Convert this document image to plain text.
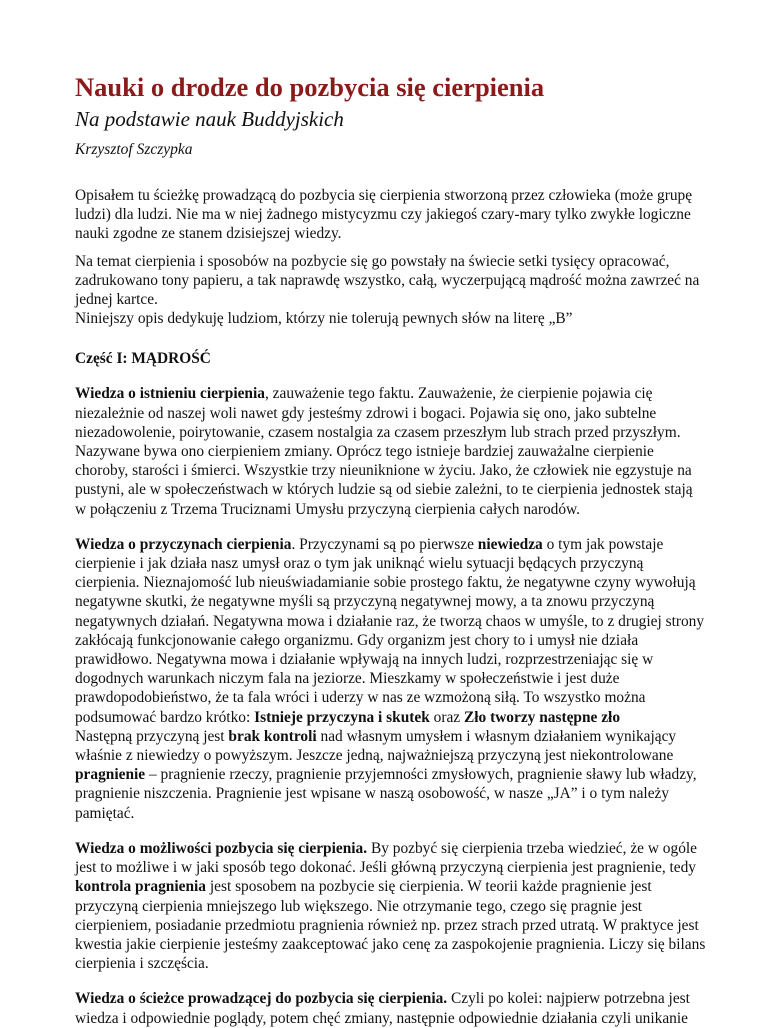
Nauki o drodze do pozbycia się cierpienia
Na podstawie nauk Buddyjskich
Krzysztof Szczypka

Opisałem tu ścieżkę prowadzącą do pozbycia się cierpienia stworzoną przez człowieka (może grupę ludzi) dla ludzi. Nie ma w niej żadnego mistycyzmu czy jakiegoś czary-mary tylko zwykłe logiczne nauki zgodne ze stanem dzisiejszej wiedzy.

Na temat cierpienia i sposobów na pozbycie się go powstały na świecie setki tysięcy opracować, zadrukowano tony papieru, a tak naprawdę wszystko, całą, wyczerpującą mądrość można zawrzeć na jednej kartce.
Niniejszy opis dedykuję ludziom, którzy nie tolerują pewnych słów na literę „B”

Część I: MĄDROŚĆ

Wiedza o istnieniu cierpienia, zauważenie tego faktu. Zauważenie, że cierpienie pojawia cię niezależnie od naszej woli nawet gdy jesteśmy zdrowi i bogaci. Pojawia się ono, jako subtelne niezadowolenie, poirytowanie, czasem nostalgia za czasem przeszłym lub strach przed przyszłym. Nazywane bywa ono cierpieniem zmiany. Oprócz tego istnieje bardziej zauważalne cierpienie choroby, starości i śmierci. Wszystkie trzy nieuniknione w życiu. Jako, że człowiek nie egzystuje na pustyni, ale w społeczeństwach w których ludzie są od siebie zależni, to te cierpienia jednostek stają w połączeniu z Trzema Truciznami Umysłu przyczyną cierpienia całych narodów.

Wiedza o przyczynach cierpienia. Przyczynami są po pierwsze niewiedza o tym jak powstaje cierpienie i jak działa nasz umysł oraz o tym jak uniknąć wielu sytuacji będących przyczyną cierpienia. Nieznajomość lub nieuświadamianie sobie prostego faktu, że negatywne czyny wywołują negatywne skutki, że negatywne myśli są przyczyną negatywnej mowy, a ta znowu przyczyną negatywnych działań. Negatywna mowa i działanie raz, że tworzą chaos w umyśle, to z drugiej strony zakłócają funkcjonowanie całego organizmu. Gdy organizm jest chory to i umysł nie działa prawidłowo. Negatywna mowa i działanie wpływają na innych ludzi, rozprzestrzeniając się w dogodnych warunkach niczym fala na jeziorze. Mieszkamy w społeczeństwie i jest duże prawdopodobieństwo, że ta fala wróci i uderzy w nas ze wzmożoną siłą. To wszystko można podsumować bardzo krótko: Istnieje przyczyna i skutek oraz Zło tworzy następne zło
Następną przyczyną jest brak kontroli nad własnym umysłem i własnym działaniem wynikający właśnie z niewiedzy o powyższym. Jeszcze jedną, najważniejszą przyczyną jest niekontrolowane pragnienie – pragnienie rzeczy, pragnienie przyjemności zmysłowych, pragnienie sławy lub władzy, pragnienie niszczenia. Pragnienie jest wpisane w naszą osobowość, w nasze „JA” i o tym należy pamiętać.

Wiedza o możliwości pozbycia się cierpienia. By pozbyć się cierpienia trzeba wiedzieć, że w ogóle jest to możliwe i w jaki sposób tego dokonać. Jeśli główną przyczyną cierpienia jest pragnienie, tedy kontrola pragnienia jest sposobem na pozbycie się cierpienia. W teorii każde pragnienie jest przyczyną cierpienia mniejszego lub większego. Nie otrzymanie tego, czego się pragnie jest cierpieniem, posiadanie przedmiotu pragnienia również np. przez strach przed utratą. W praktyce jest kwestia jakie cierpienie jesteśmy zaakceptować jako cenę za zaspokojenie pragnienia. Liczy się bilans cierpienia i szczęścia.

Wiedza o ścieżce prowadzącej do pozbycia się cierpienia. Czyli po kolei: najpierw potrzebna jest wiedza i odpowiednie poglądy, potem chęć zmiany, następnie odpowiednie działania czyli unikanie
